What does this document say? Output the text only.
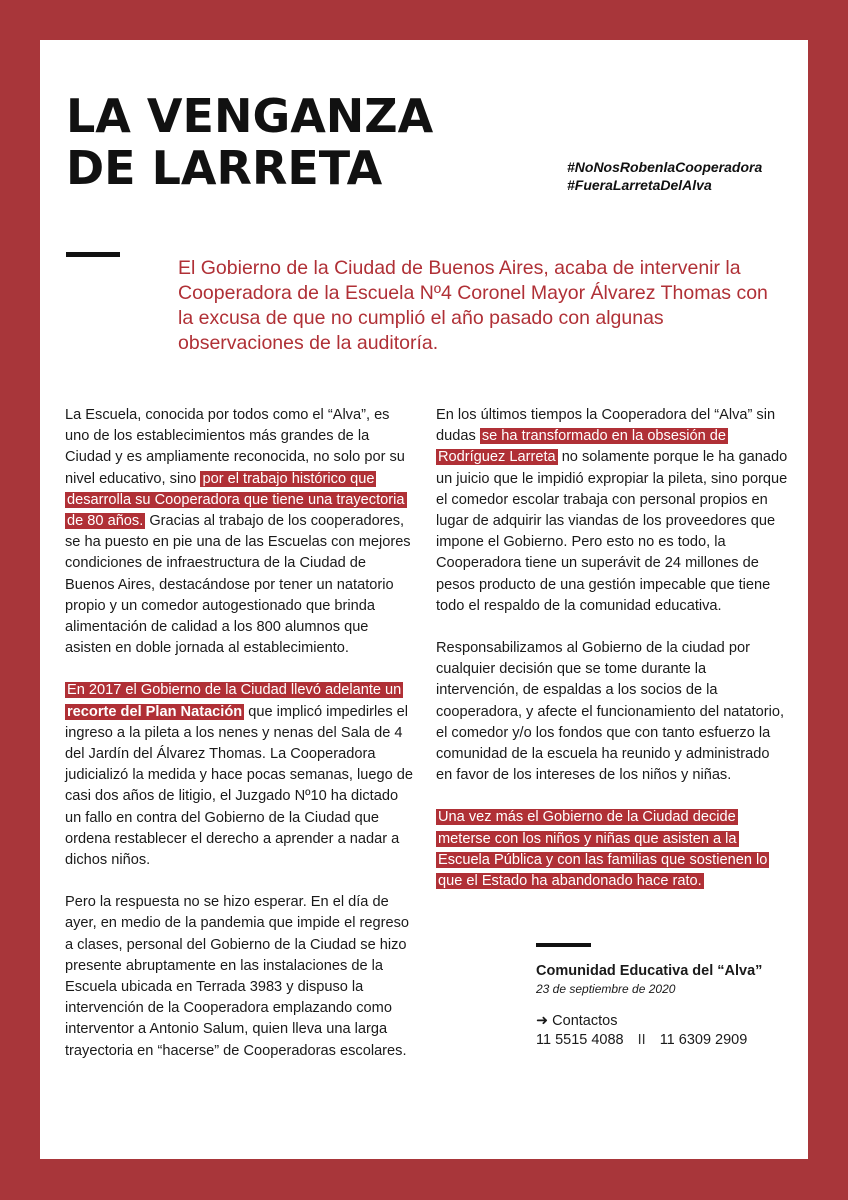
LA VENGANZA
DE LARRETA	#NoNosRobenlaCooperadora
#FueraLarretaDelAlva
El Gobierno de la Ciudad de Buenos Aires, acaba de intervenir la Cooperadora de la Escuela Nº4 Coronel Mayor Álvarez Thomas con la excusa de que no cumplió el año pasado con algunas observaciones de la auditoría.

La Escuela, conocida por todos como el “Alva”, es uno de los establecimientos más grandes de la Ciudad y es ampliamente reconocida, no solo por su nivel educativo, sino por el trabajo histórico que desarrolla su Cooperadora que tiene una trayectoria de 80 años. Gracias al trabajo de los cooperadores, se ha puesto en pie una de las Escuelas con mejores condiciones de infraestructura de la Ciudad de Buenos Aires, destacándose por tener un natatorio propio y un comedor autogestionado que brinda alimentación de calidad a los 800 alumnos que asisten en doble jornada al establecimiento.

En 2017 el Gobierno de la Ciudad llevó adelante un recorte del Plan Natación que implicó impedirles el ingreso a la pileta a los nenes y nenas del Sala de 4 del Jardín del Álvarez Thomas. La Cooperadora judicializó la medida y hace pocas semanas, luego de casi dos años de litigio, el Juzgado Nº10 ha dictado un fallo en contra del Gobierno de la Ciudad que ordena restablecer el derecho a aprender a nadar a dichos niños.

Pero la respuesta no se hizo esperar. En el día de ayer, en medio de la pandemia que impide el regreso a clases, personal del Gobierno de la Ciudad se hizo presente abruptamente en las instalaciones de la Escuela ubicada en Terrada 3983 y dispuso la intervención de la Cooperadora emplazando como interventor a Antonio Salum, quien lleva una larga trayectoria en “hacerse” de Cooperadoras escolares.

En los últimos tiempos la Cooperadora del “Alva” sin dudas se ha transformado en la obsesión de Rodríguez Larreta no solamente porque le ha ganado un juicio que le impidió expropiar la pileta, sino porque el comedor escolar trabaja con personal propios en lugar de adquirir las viandas de los proveedores que impone el Gobierno. Pero esto no es todo, la Cooperadora tiene un superávit de 24 millones de pesos producto de una gestión impecable que tiene todo el respaldo de la comunidad educativa.

Responsabilizamos al Gobierno de la ciudad por cualquier decisión que se tome durante la intervención, de espaldas a los socios de la cooperadora, y afecte el funcionamiento del natatorio, el comedor y/o los fondos que con tanto esfuerzo la comunidad de la escuela ha reunido y administrado en favor de los intereses de los niños y niñas.

Una vez más el Gobierno de la Ciudad decide meterse con los niños y niñas que asisten a la Escuela Pública y con las familias que sostienen lo que el Estado ha abandonado hace rato.

Comunidad Educativa del “Alva”
23 de septiembre de 2020
➜ Contactos
11 5515 4088 II 11 6309 2909
